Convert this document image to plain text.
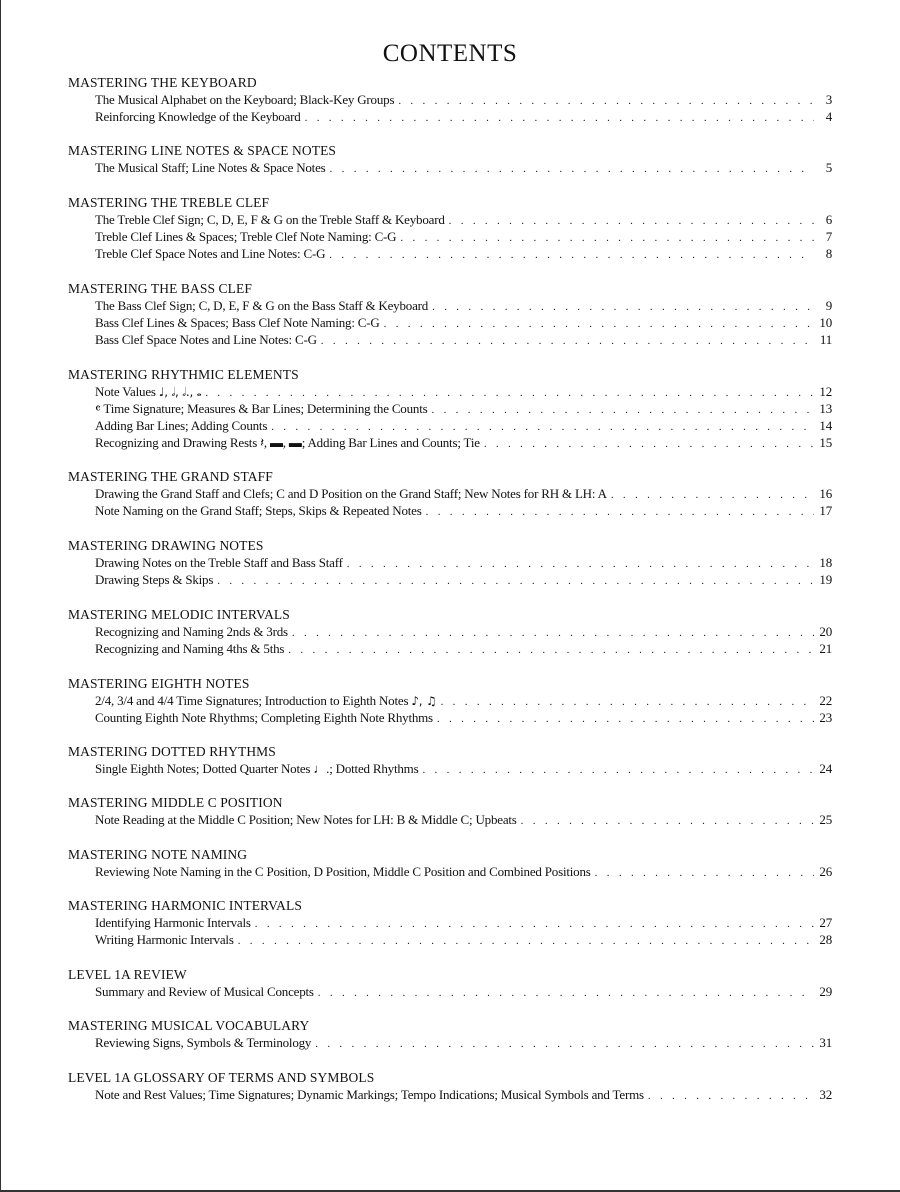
CONTENTS
MASTERING THE KEYBOARD
The Musical Alphabet on the Keyboard; Black-Key Groups . . .	3
Reinforcing Knowledge of the Keyboard . . .	4
MASTERING LINE NOTES & SPACE NOTES
The Musical Staff; Line Notes & Space Notes . . .	5
MASTERING THE TREBLE CLEF
The Treble Clef Sign; C, D, E, F & G on the Treble Staff & Keyboard . . .	6
Treble Clef Lines & Spaces; Treble Clef Note Naming: C-G . . .	7
Treble Clef Space Notes and Line Notes: C-G . . .	8
MASTERING THE BASS CLEF
The Bass Clef Sign; C, D, E, F & G on the Bass Staff & Keyboard . . .	9
Bass Clef Lines & Spaces; Bass Clef Note Naming: C-G . . .	10
Bass Clef Space Notes and Line Notes: C-G . . .	11
MASTERING RHYTHMIC ELEMENTS
Note Values ♩, 𝅗𝅥, 𝅗𝅥., 𝅝 . . .	12
𝄴 Time Signature; Measures & Bar Lines; Determining the Counts . . .	13
Adding Bar Lines; Adding Counts . . .	14
Recognizing and Drawing Rests 𝄽, ▬, ▬; Adding Bar Lines and Counts; Tie . . .	15
MASTERING THE GRAND STAFF
Drawing the Grand Staff and Clefs; C and D Position on the Grand Staff; New Notes for RH & LH: A . . .	16
Note Naming on the Grand Staff; Steps, Skips & Repeated Notes . . .	17
MASTERING DRAWING NOTES
Drawing Notes on the Treble Staff and Bass Staff . . .	18
Drawing Steps & Skips . . .	19
MASTERING MELODIC INTERVALS
Recognizing and Naming 2nds & 3rds . . .	20
Recognizing and Naming 4ths & 5ths . . .	21
MASTERING EIGHTH NOTES
2/4, 3/4 and 4/4 Time Signatures; Introduction to Eighth Notes ♪, ♫ . . .	22
Counting Eighth Note Rhythms; Completing Eighth Note Rhythms . . .	23
MASTERING DOTTED RHYTHMS
Single Eighth Notes; Dotted Quarter Notes ♩.; Dotted Rhythms . . .	24
MASTERING MIDDLE C POSITION
Note Reading at the Middle C Position; New Notes for LH: B & Middle C; Upbeats . . .	25
MASTERING NOTE NAMING
Reviewing Note Naming in the C Position, D Position, Middle C Position and Combined Positions . . .	26
MASTERING HARMONIC INTERVALS
Identifying Harmonic Intervals . . .	27
Writing Harmonic Intervals . . .	28
LEVEL 1A REVIEW
Summary and Review of Musical Concepts . . .	29
MASTERING MUSICAL VOCABULARY
Reviewing Signs, Symbols & Terminology . . .	31
LEVEL 1A GLOSSARY OF TERMS AND SYMBOLS
Note and Rest Values; Time Signatures; Dynamic Markings; Tempo Indications; Musical Symbols and Terms . . .	32
